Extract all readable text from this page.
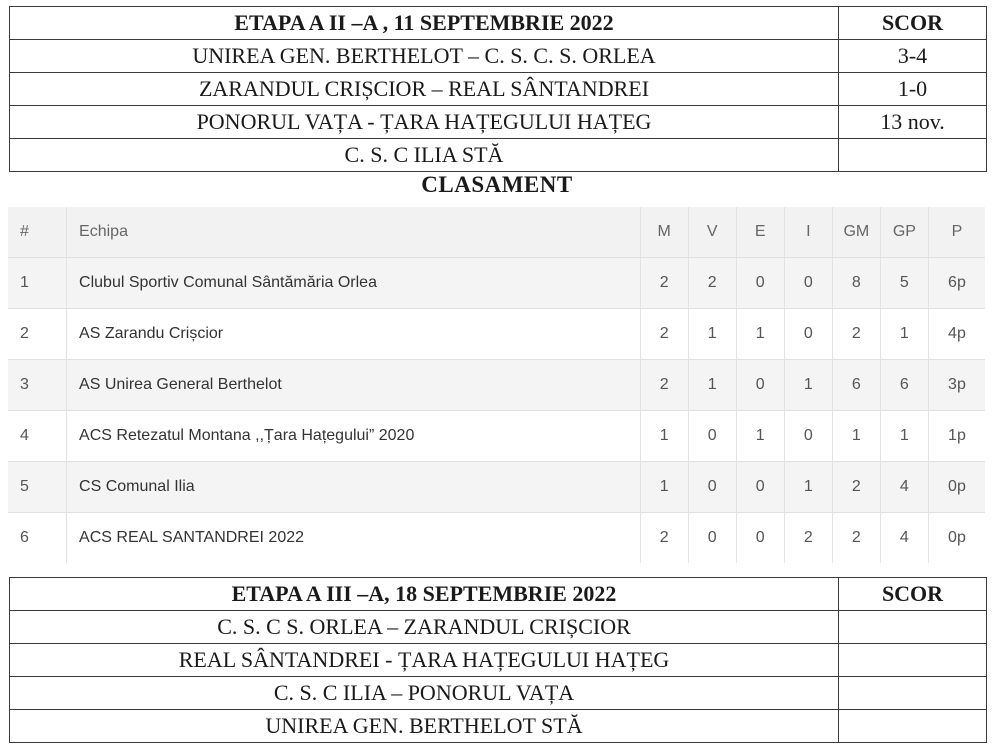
ETAPA A II –A , 11 SEPTEMBRIE 2022	SCOR
UNIREA GEN. BERTHELOT – C. S. C. S. ORLEA	3-4
ZARANDUL CRIȘCIOR – REAL SÂNTANDREI	1-0
PONORUL VAȚA - ȚARA HAȚEGULUI HAȚEG	13 nov.
C. S. C ILIA STĂ	
CLASAMENT
#	Echipa	M	V	E	I	GM	GP	P
1	Clubul Sportiv Comunal Sântămăria Orlea	2	2	0	0	8	5	6p
2	AS Zarandu Crișcior	2	1	1	0	2	1	4p
3	AS Unirea General Berthelot	2	1	0	1	6	6	3p
4	ACS Retezatul Montana ,,Țara Hațegului” 2020	1	0	1	0	1	1	1p
5	CS Comunal Ilia	1	0	0	1	2	4	0p
6	ACS REAL SANTANDREI 2022	2	0	0	2	2	4	0p
ETAPA A III –A, 18 SEPTEMBRIE 2022	SCOR
C. S. C S. ORLEA – ZARANDUL CRIȘCIOR	
REAL SÂNTANDREI - ȚARA HAȚEGULUI HAȚEG	
C. S. C ILIA – PONORUL VAȚA	
UNIREA GEN. BERTHELOT STĂ	
